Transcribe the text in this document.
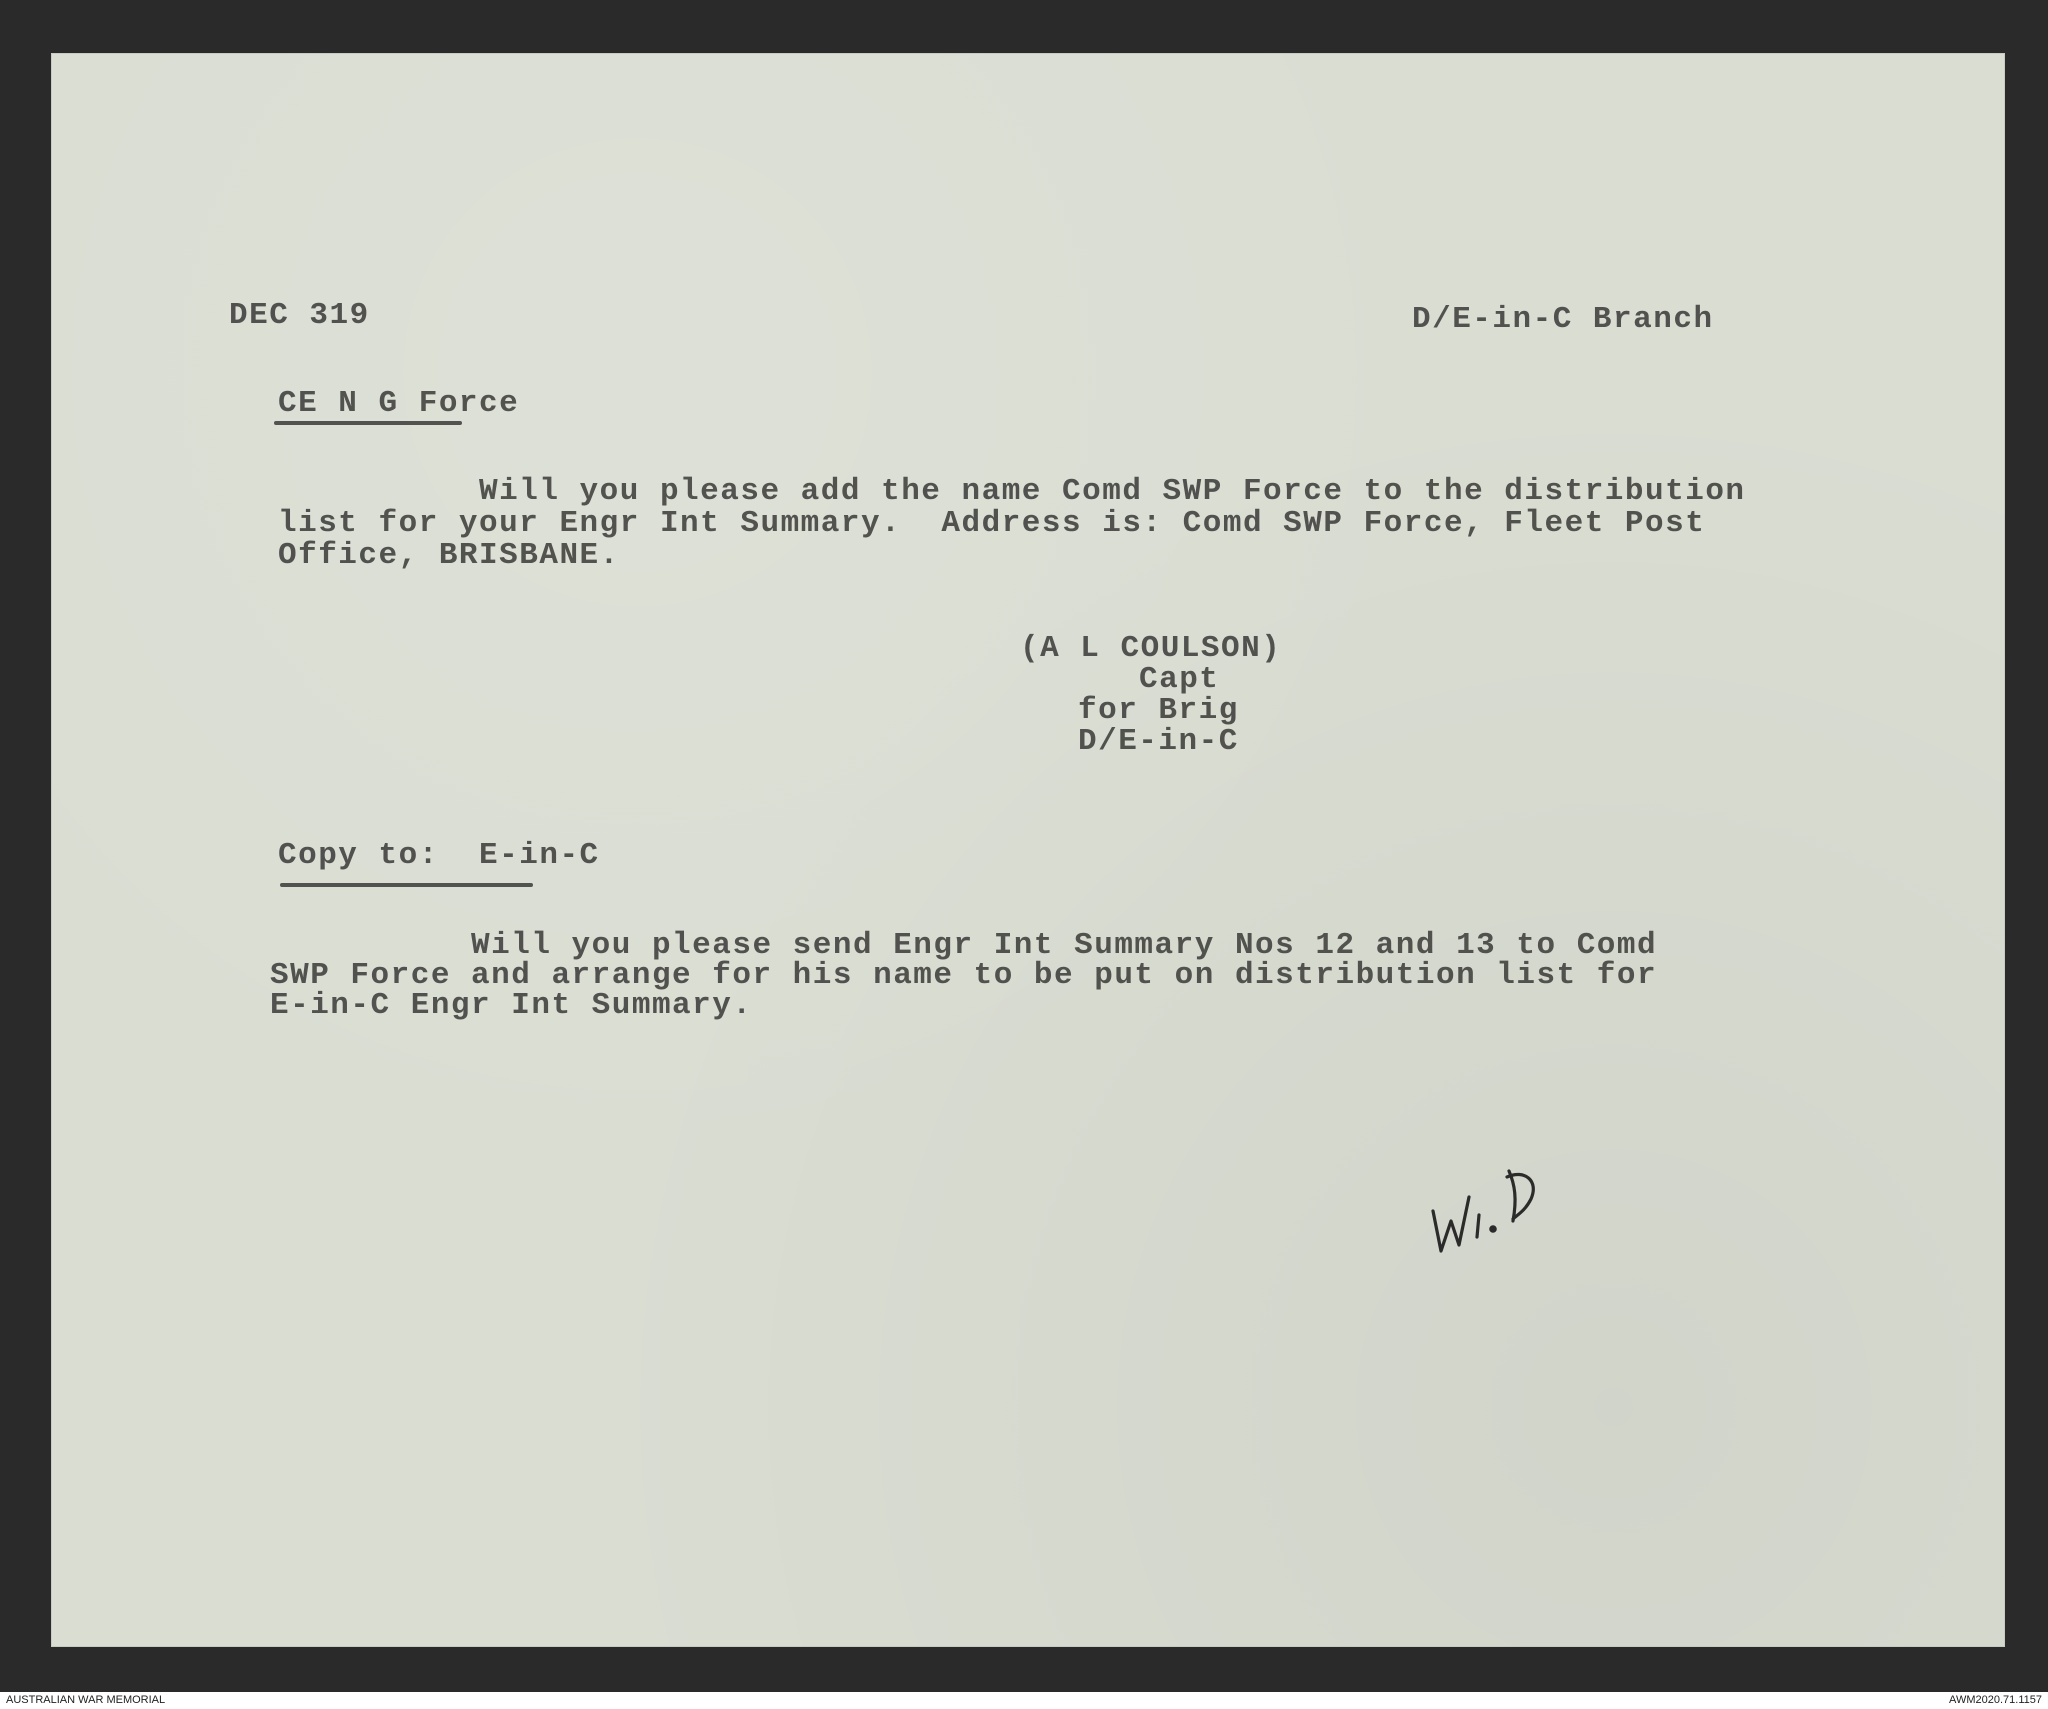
DEC 319	D/E-in-C Branch
CE N G Force
Will you please add the name Comd SWP Force to the distribution
list for your Engr Int Summary.  Address is: Comd SWP Force, Fleet Post
Office, BRISBANE.
(A L COULSON)
Capt
for Brig
D/E-in-C
Copy to:  E-in-C
Will you please send Engr Int Summary Nos 12 and 13 to Comd
SWP Force and arrange for his name to be put on distribution list for
E-in-C Engr Int Summary.
AUSTRALIAN WAR MEMORIAL	AWM2020.71.1157
